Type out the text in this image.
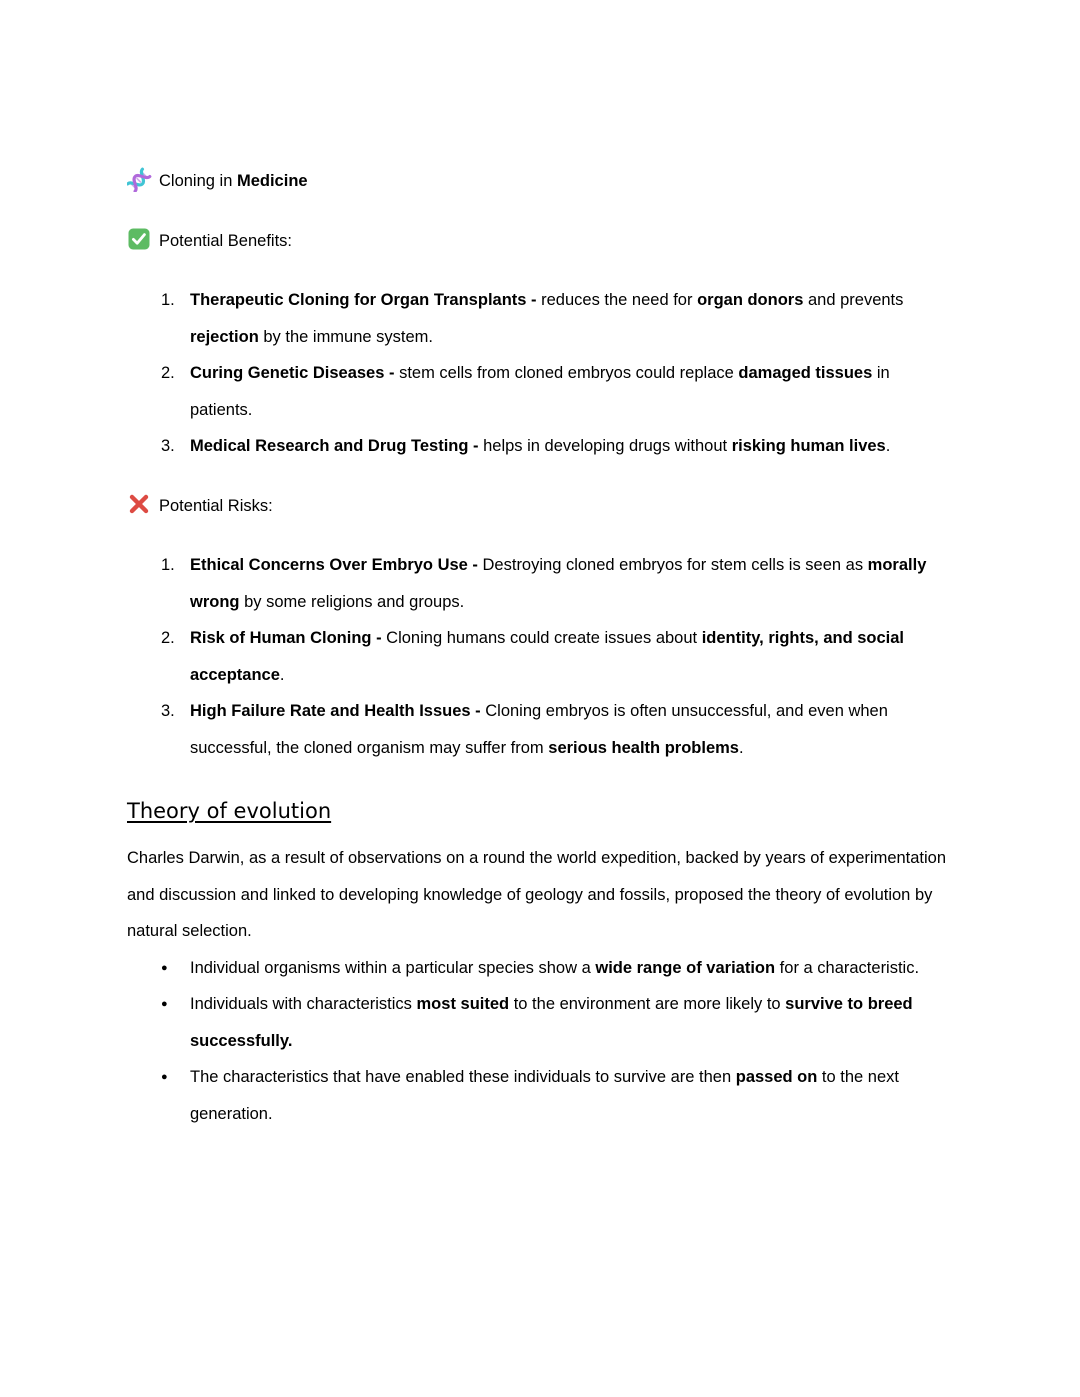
Cloning in Medicine

Potential Benefits:

1. Therapeutic Cloning for Organ Transplants - reduces the need for organ donors and prevents rejection by the immune system.
2. Curing Genetic Diseases - stem cells from cloned embryos could replace damaged tissues in patients.
3. Medical Research and Drug Testing - helps in developing drugs without risking human lives.

Potential Risks:

1. Ethical Concerns Over Embryo Use - Destroying cloned embryos for stem cells is seen as morally wrong by some religions and groups.
2. Risk of Human Cloning - Cloning humans could create issues about identity, rights, and social acceptance.
3. High Failure Rate and Health Issues - Cloning embryos is often unsuccessful, and even when successful, the cloned organism may suffer from serious health problems.
Theory of evolution

Charles Darwin, as a result of observations on a round the world expedition, backed by years of experimentation and discussion and linked to developing knowledge of geology and fossils, proposed the theory of evolution by natural selection.

● Individual organisms within a particular species show a wide range of variation for a characteristic.
● Individuals with characteristics most suited to the environment are more likely to survive to breed successfully.
● The characteristics that have enabled these individuals to survive are then passed on to the next generation.
